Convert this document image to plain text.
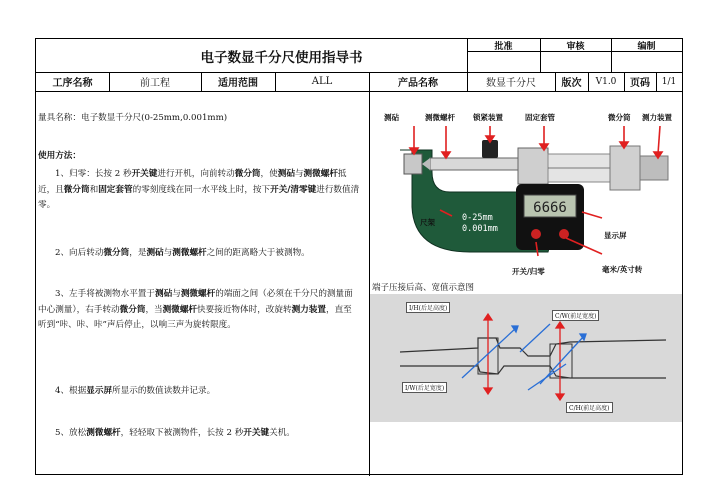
电子数显千分尺使用指导书
批准	审核	编制
工序名称	前工程	适用范围	ALL	产品名称	数显千分尺	版次	V1.0	页码	1/1
量具名称：电子数显千分尺(0-25mm,0.001mm)
使用方法：
1、归零：长按 2 秒开关键进行开机，向前转动微分筒，使测砧与测微螺杆抵近，且微分筒和固定套管的零刻度线在同一水平线上时，按下开关/清零键进行数值清零。
2、向后转动微分筒，是测砧与测微螺杆之间的距离略大于被测物。
3、左手将被测物水平置于测砧与测微螺杆的端面之间（必须在千分尺的测量面中心测量），右手转动微分筒，当测微螺杆快要接近物体时，改旋转测力装置，直至听到“咔、咔、咔”声后停止，以响三声为旋转限度。
4、根据显示屏所显示的数值读数并记录。
5、放松测微螺杆，轻轻取下被测物件，长按 2 秒开关键关机。
6666
0-25mm
0.001mm
测砧	测微螺杆 锁紧装置	固定套管	微分筒 测力装置
尺架
显示屏
毫米/英寸转
开关/归零
端子压接后高、宽值示意图
I/H(后足高度)
C/W(前足宽度)
I/W(后足宽度)
C/H(前足高度)
